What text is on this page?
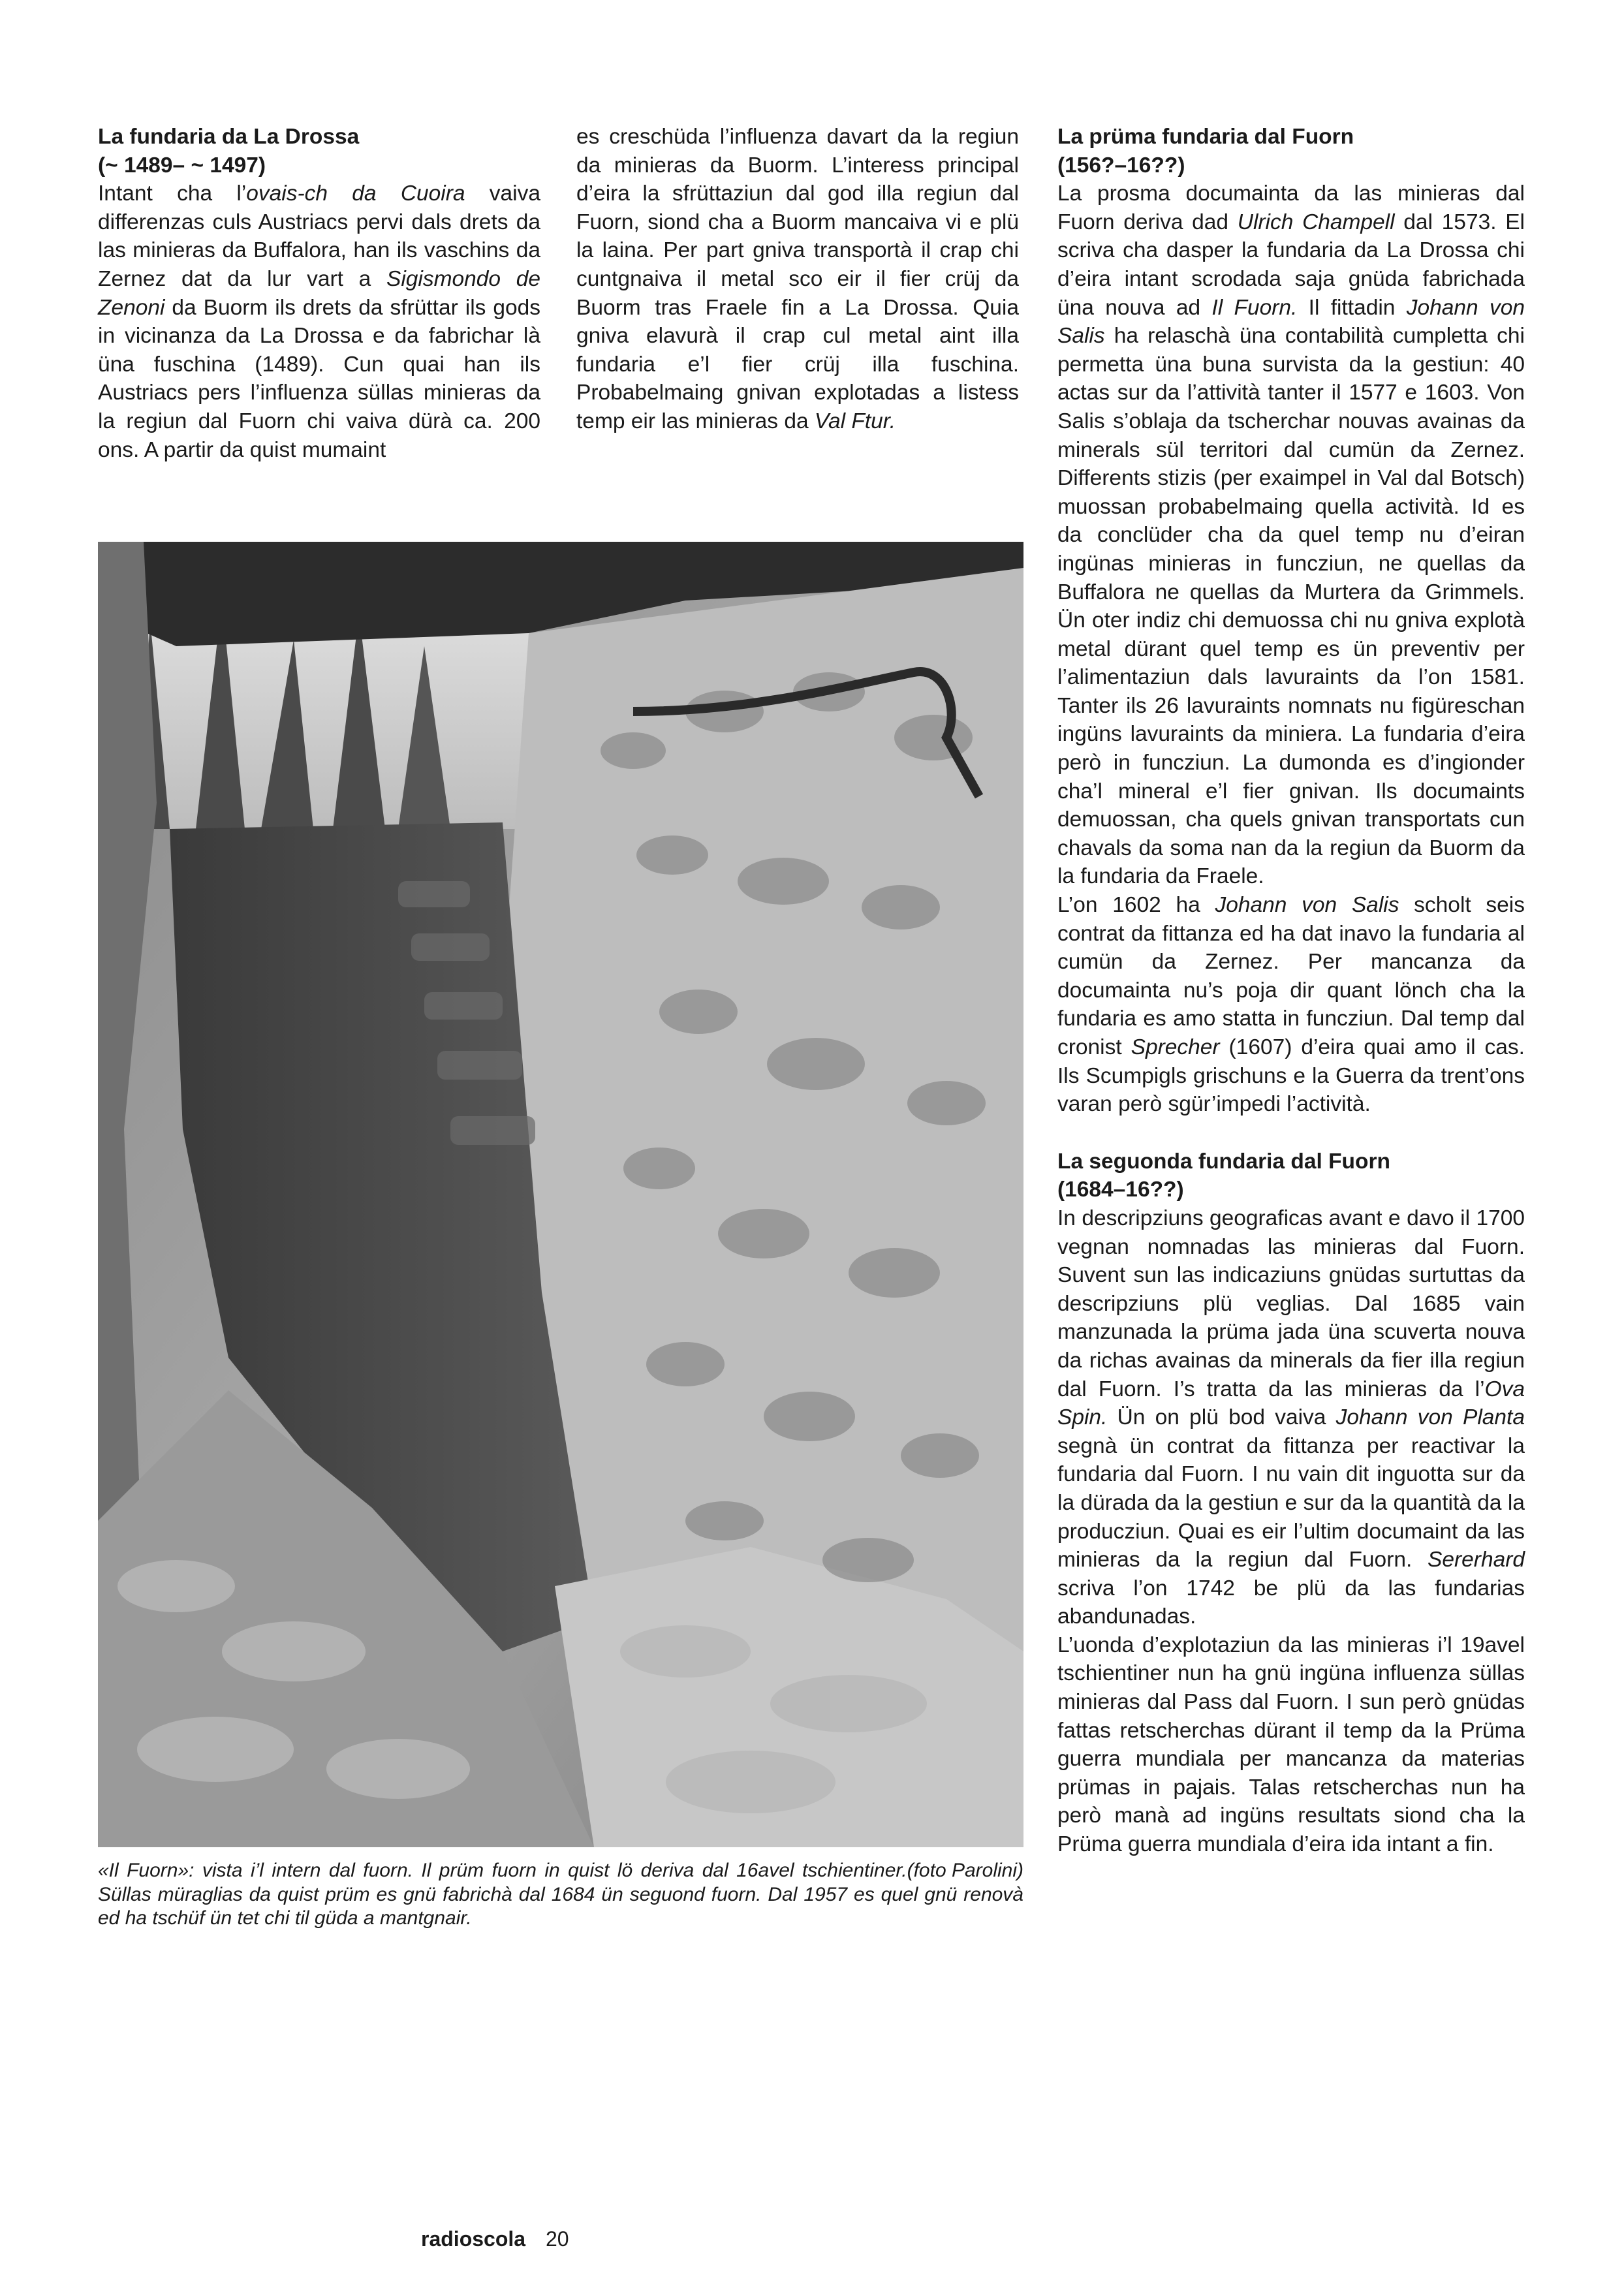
La fundaria da La Drossa

(~ 1489– ~ 1497)

Intant cha l’ovais-ch da Cuoira vaiva differenzas culs Austriacs pervi dals drets da las minieras da Buffalora, han ils vaschins da Zernez dat da lur vart a Sigismondo de Zenoni da Buorm ils drets da sfrüttar ils gods in vicinanza da La Drossa e da fabrichar là üna fuschina (1489). Cun quai han ils Austriacs pers l’influenza süllas minieras da la regiun dal Fuorn chi vaiva dürà ca. 200 ons. A partir da quist mumaint

es creschüda l’influenza davart da la regiun da minieras da Buorm. L’interess principal d’eira la sfrüttaziun dal god illa regiun dal Fuorn, siond cha a Buorm mancaiva vi e plü la laina. Per part gniva transportà il crap chi cuntgnaiva il metal sco eir il fier crüj da Buorm tras Fraele fin a La Drossa. Quia gniva elavurà il crap cul metal aint illa fundaria e’l fier crüj illa fuschina. Probabelmaing gnivan explotadas a listess temp eir las minieras da Val Ftur.

La prüma fundaria dal Fuorn

(156?–16??)

La prosma documainta da las minieras dal Fuorn deriva dad Ulrich Champell dal 1573. El scriva cha dasper la fundaria da La Drossa chi d’eira intant scrodada saja gnüda fabrichada üna nouva ad Il Fuorn. Il fittadin Johann von Salis ha relaschà üna contabilità cumpletta chi permetta üna buna survista da la gestiun: 40 actas sur da l’attività tanter il 1577 e 1603. Von Salis s’oblaja da tscherchar nouvas avainas da minerals sül territori dal cumün da Zernez. Differents stizis (per exaimpel in Val dal Botsch) muossan probabelmaing quella actività. Id es da conclüder cha da quel temp nu d’eiran ingünas minieras in funcziun, ne quellas da Buffalora ne quellas da Murtera da Grimmels. Ün oter indiz chi demuossa chi nu gniva explotà metal dürant quel temp es ün preventiv per l’alimentaziun dals lavuraints da l’on 1581. Tanter ils 26 lavuraints nomnats nu figüreschan ingüns lavuraints da miniera. La fundaria d’eira però in funcziun. La dumonda es d’ingionder cha’l mineral e’l fier gnivan. Ils documaints demuossan, cha quels gnivan transportats cun chavals da soma nan da la regiun da Buorm da la fundaria da Fraele.

L’on 1602 ha Johann von Salis scholt seis contrat da fittanza ed ha dat inavo la fundaria al cumün da Zernez. Per mancanza da documainta nu’s poja dir quant lönch cha la fundaria es amo statta in funcziun. Dal temp dal cronist Sprecher (1607) d’eira quai amo il cas. Ils Scumpigls grischuns e la Guerra da trent’ons varan però sgür’impedi l’actività.

La seguonda fundaria dal Fuorn

(1684–16??)

In descripziuns geograficas avant e davo il 1700 vegnan nomnadas las minieras dal Fuorn. Suvent sun las indicaziuns gnüdas surtuttas da descripziuns plü veglias. Dal 1685 vain manzunada la prüma jada üna scuverta nouva da richas avainas da minerals da fier illa regiun dal Fuorn. I’s tratta da las minieras da l’Ova Spin. Ün on plü bod vaiva Johann von Planta segnà ün contrat da fittanza per reactivar la fundaria dal Fuorn. I nu vain dit inguotta sur da la dürada da la gestiun e sur da la quantità da la producziun. Quai es eir l’ultim documaint da las minieras da la regiun dal Fuorn. Sererhard scriva l’on 1742 be plü da las fundarias abandunadas.

L’uonda d’explotaziun da las minieras i’l 19avel tschientiner nun ha gnü ingüna influenza süllas minieras dal Pass dal Fuorn. I sun però gnüdas fattas retscherchas dürant il temp da la Prüma guerra mundiala per mancanza da materias prümas in pajais. Talas retscherchas nun ha però manà ad ingüns resultats siond cha la Prüma guerra mundiala d’eira ida intant a fin.

(foto Parolini)
«Il Fuorn»: vista i’l intern dal fuorn. Il prüm fuorn in quist lö deriva dal 16avel tschientiner. Süllas müraglias da quist prüm es gnü fabrichà dal 1684 ün seguond fuorn. Dal 1957 es quel gnü renovà ed ha tschüf ün tet chi til güda a mantgnair.
radioscola 20
